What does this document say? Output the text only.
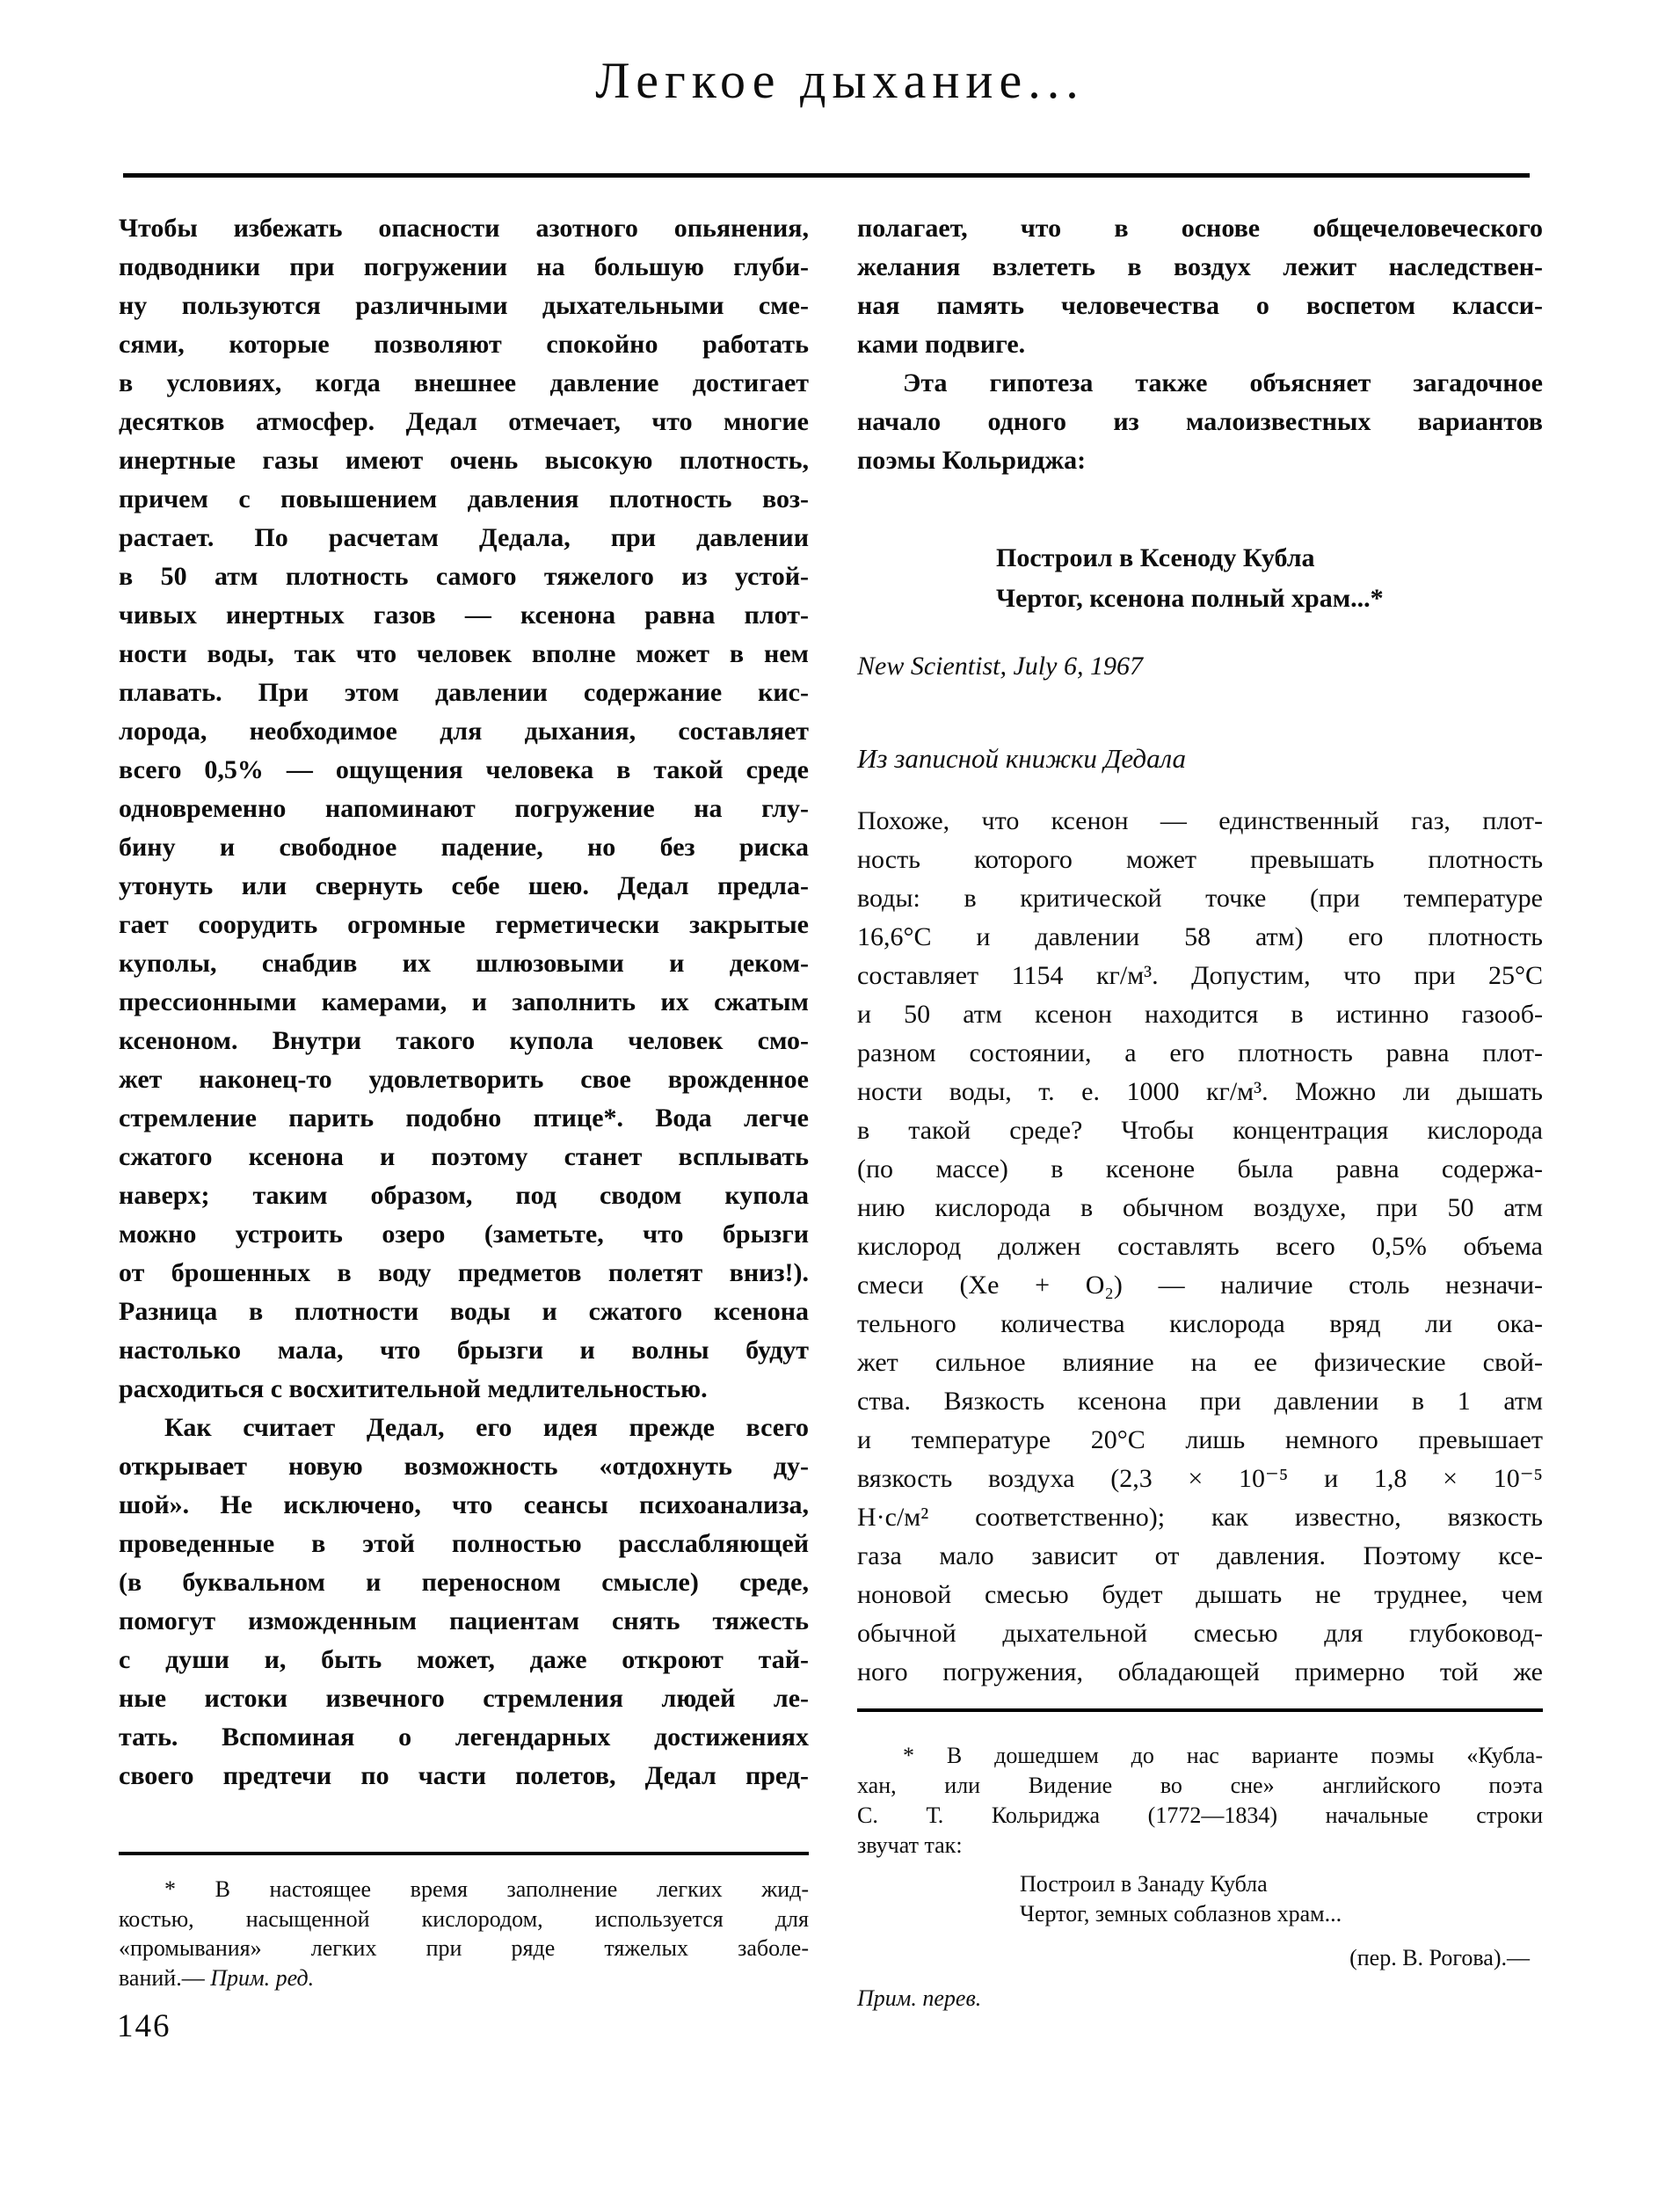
Легкое дыхание...
Чтобы избежать опасности азотного опьянения,
подводники при погружении на большую глуби-
ну пользуются различными дыхательными сме-
сями, которые позволяют спокойно работать
в условиях, когда внешнее давление достигает
десятков атмосфер. Дедал отмечает, что многие
инертные газы имеют очень высокую плотность,
причем с повышением давления плотность воз-
растает. По расчетам Дедала, при давлении
в 50 атм плотность самого тяжелого из устой-
чивых инертных газов — ксенона равна плот-
ности воды, так что человек вполне может в нем
плавать. При этом давлении содержание кис-
лорода, необходимое для дыхания, составляет
всего 0,5% — ощущения человека в такой среде
одновременно напоминают погружение на глу-
бину и свободное падение, но без риска
утонуть или свернуть себе шею. Дедал предла-
гает соорудить огромные герметически закрытые
куполы, снабдив их шлюзовыми и деком-
прессионными камерами, и заполнить их сжатым
ксеноном. Внутри такого купола человек смо-
жет наконец-то удовлетворить свое врожденное
стремление парить подобно птице*. Вода легче
сжатого ксенона и поэтому станет всплывать
наверх; таким образом, под сводом купола
можно устроить озеро (заметьте, что брызги
от брошенных в воду предметов полетят вниз!).
Разница в плотности воды и сжатого ксенона
настолько мала, что брызги и волны будут
расходиться с восхитительной медлительностью.
Как считает Дедал, его идея прежде всего
открывает новую возможность «отдохнуть ду-
шой». Не исключено, что сеансы психоанализа,
проведенные в этой полностью расслабляющей
(в буквальном и переносном смысле) среде,
помогут изможденным пациентам снять тяжесть
с души и, быть может, даже откроют тай-
ные истоки извечного стремления людей ле-
тать. Вспоминая о легендарных достижениях
своего предтечи по части полетов, Дедал пред-
полагает, что в основе общечеловеческого
желания взлететь в воздух лежит наследствен-
ная память человечества о воспетом класси-
ками подвиге.
Эта гипотеза также объясняет загадочное
начало одного из малоизвестных вариантов
поэмы Кольриджа:
Построил в Ксеноду Кубла
Чертог, ксенона полный храм...*
New Scientist, July 6, 1967
Из записной книжки Дедала
Похоже, что ксенон — единственный газ, плот-
ность которого может превышать плотность
воды: в критической точке (при температуре
16,6°С и давлении 58 атм) его плотность
составляет 1154 кг/м³. Допустим, что при 25°С
и 50 атм ксенон находится в истинно газооб-
разном состоянии, а его плотность равна плот-
ности воды, т. е. 1000 кг/м³. Можно ли дышать
в такой среде? Чтобы концентрация кислорода
(по массе) в ксеноне была равна содержа-
нию кислорода в обычном воздухе, при 50 атм
кислород должен составлять всего 0,5% объема
смеси (Хе + О₂) — наличие столь незначи-
тельного количества кислорода вряд ли ока-
жет сильное влияние на ее физические свой-
ства. Вязкость ксенона при давлении в 1 атм
и температуре 20°С лишь немного превышает
вязкость воздуха (2,3 × 10⁻⁵ и 1,8 × 10⁻⁵
Н·с/м² соответственно); как известно, вязкость
газа мало зависит от давления. Поэтому ксе-
ноновой смесью будет дышать не труднее, чем
обычной дыхательной смесью для глубоковод-
ного погружения, обладающей примерно той же
* В дошедшем до нас варианте поэмы «Кубла-
хан, или Видение во сне» английского поэта
С. Т. Кольриджа (1772—1834) начальные строки
звучат так:
Построил в Занаду Кубла
Чертог, земных соблазнов храм...
(пер. В. Рогова).—
Прим. перев.
* В настоящее время заполнение легких жид-
костью, насыщенной кислородом, используется для
«промывания» легких при ряде тяжелых заболе-
ваний.— Прим. ред.
146
